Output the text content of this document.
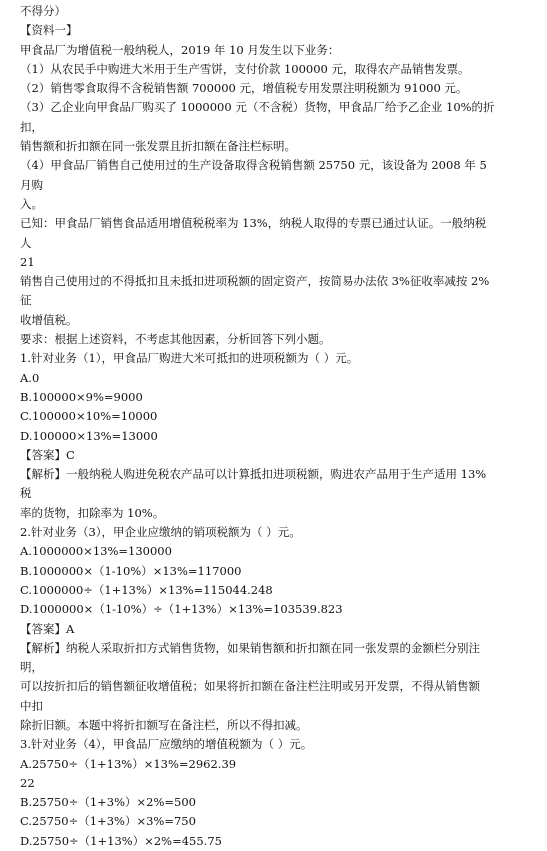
不得分）
【资料一】
甲食品厂为增值税一般纳税人，2019 年 10 月发生以下业务：
（1）从农民手中购进大米用于生产雪饼，支付价款 100000 元，取得农产品销售发票。
（2）销售零食取得不含税销售额 700000 元，增值税专用发票注明税额为 91000 元。
（3）乙企业向甲食品厂购买了 1000000 元（不含税）货物，甲食品厂给予乙企业 10%的折
扣，
销售额和折扣额在同一张发票且折扣额在备注栏标明。
（4）甲食品厂销售自己使用过的生产设备取得含税销售额 25750 元，该设备为 2008 年 5
月购
入。
已知：甲食品厂销售食品适用增值税税率为 13%，纳税人取得的专票已通过认证。一般纳税
人
21
销售自己使用过的不得抵扣且未抵扣进项税额的固定资产，按简易办法依 3%征收率减按 2%
征
收增值税。
要求：根据上述资料，不考虑其他因素，分析回答下列小题。
1.针对业务（1），甲食品厂购进大米可抵扣的进项税额为（ ）元。
A.0
B.100000×9%=9000
C.100000×10%=10000
D.100000×13%=13000
【答案】C
【解析】一般纳税人购进免税农产品可以计算抵扣进项税额，购进农产品用于生产适用 13%
税
率的货物，扣除率为 10%。
2.针对业务（3），甲企业应缴纳的销项税额为（ ）元。
A.1000000×13%=130000
B.1000000×（1-10%）×13%=117000
C.1000000÷（1+13%）×13%=115044.248
D.1000000×（1-10%）÷（1+13%）×13%=103539.823
【答案】A
【解析】纳税人采取折扣方式销售货物，如果销售额和折扣额在同一张发票的金额栏分别注
明，
可以按折扣后的销售额征收增值税；如果将折扣额在备注栏注明或另开发票，不得从销售额
中扣
除折旧额。本题中将折扣额写在备注栏，所以不得扣减。
3.针对业务（4），甲食品厂应缴纳的增值税额为（ ）元。
A.25750÷（1+13%）×13%=2962.39
22
B.25750÷（1+3%）×2%=500
C.25750÷（1+3%）×3%=750
D.25750÷（1+13%）×2%=455.75
